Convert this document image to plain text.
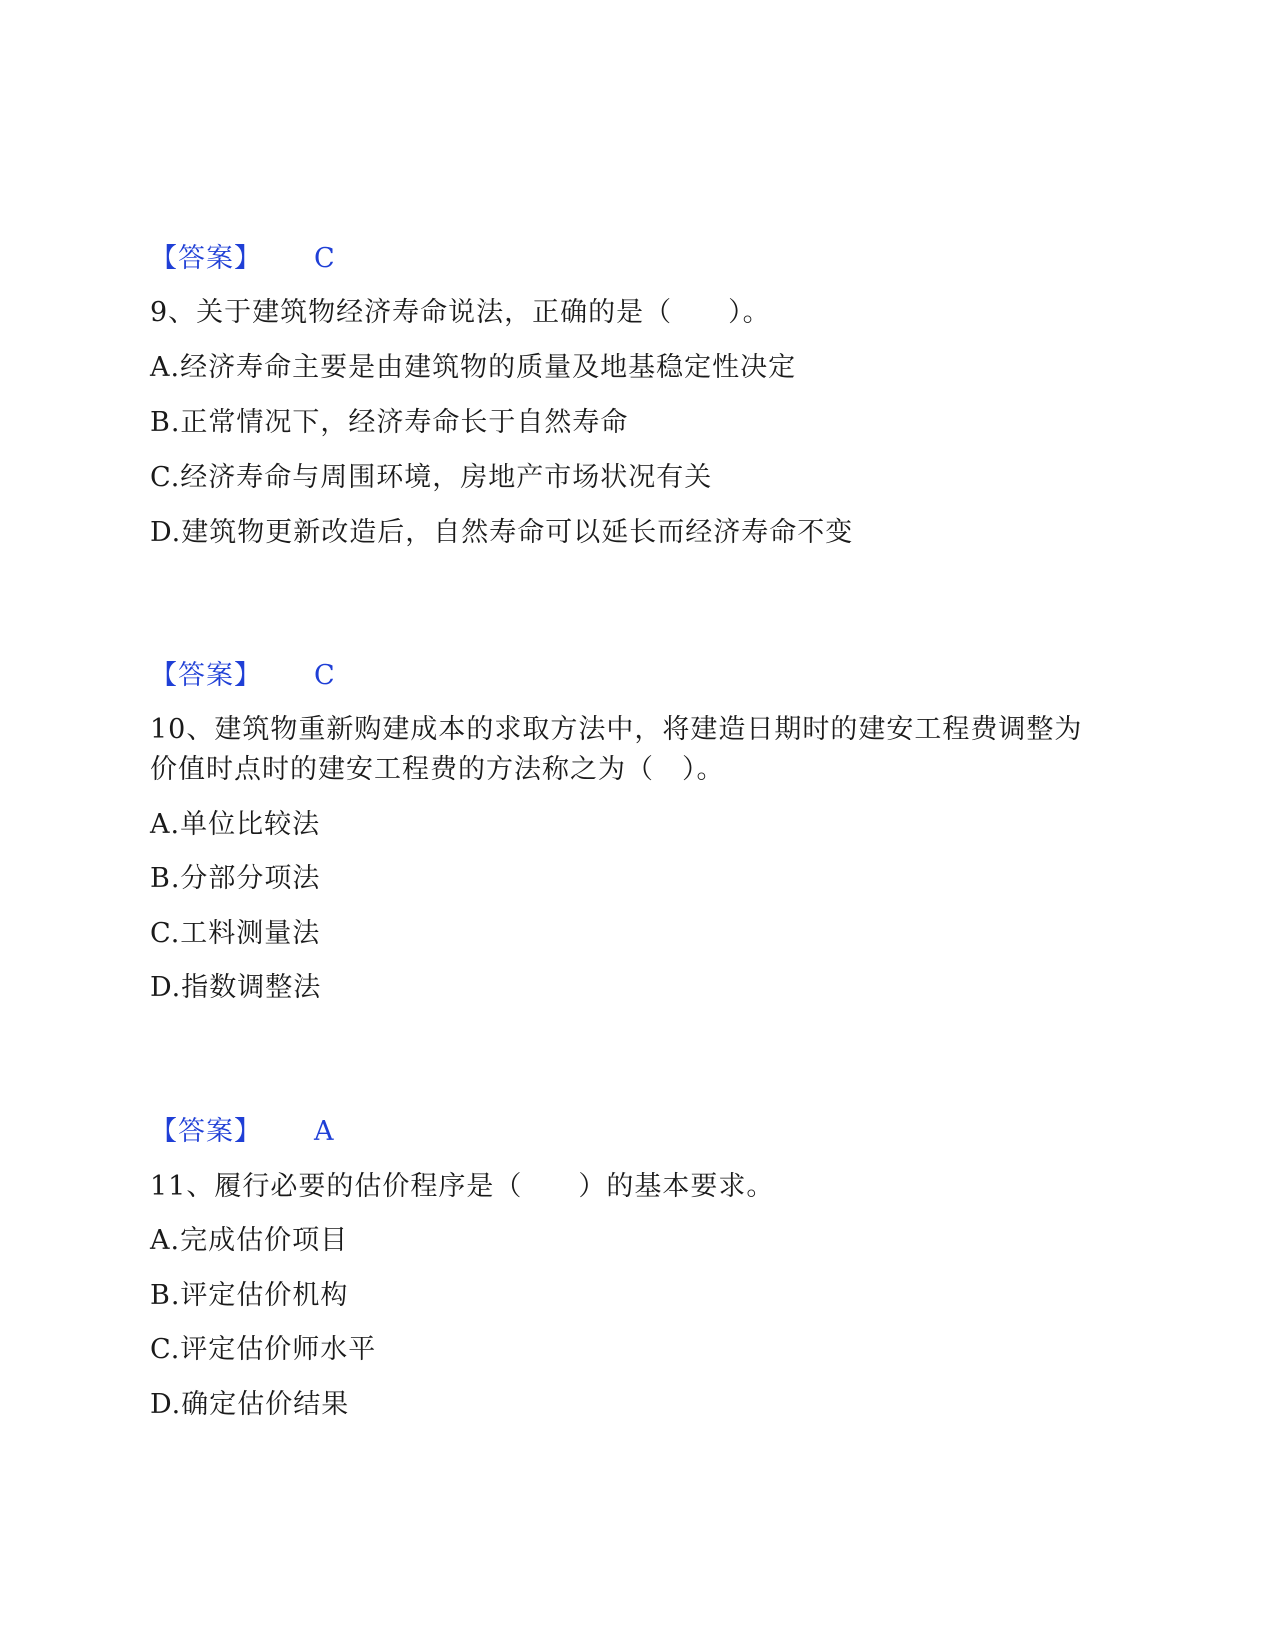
【答案】 C
9、关于建筑物经济寿命说法，正确的是（　　）。
A.经济寿命主要是由建筑物的质量及地基稳定性决定
B.正常情况下，经济寿命长于自然寿命
C.经济寿命与周围环境，房地产市场状况有关
D.建筑物更新改造后，自然寿命可以延长而经济寿命不变
【答案】 C
10、建筑物重新购建成本的求取方法中，将建造日期时的建安工程费调整为
价值时点时的建安工程费的方法称之为（　）。
A.单位比较法
B.分部分项法
C.工料测量法
D.指数调整法
【答案】 A
11、履行必要的估价程序是（　　）的基本要求。
A.完成估价项目
B.评定估价机构
C.评定估价师水平
D.确定估价结果
